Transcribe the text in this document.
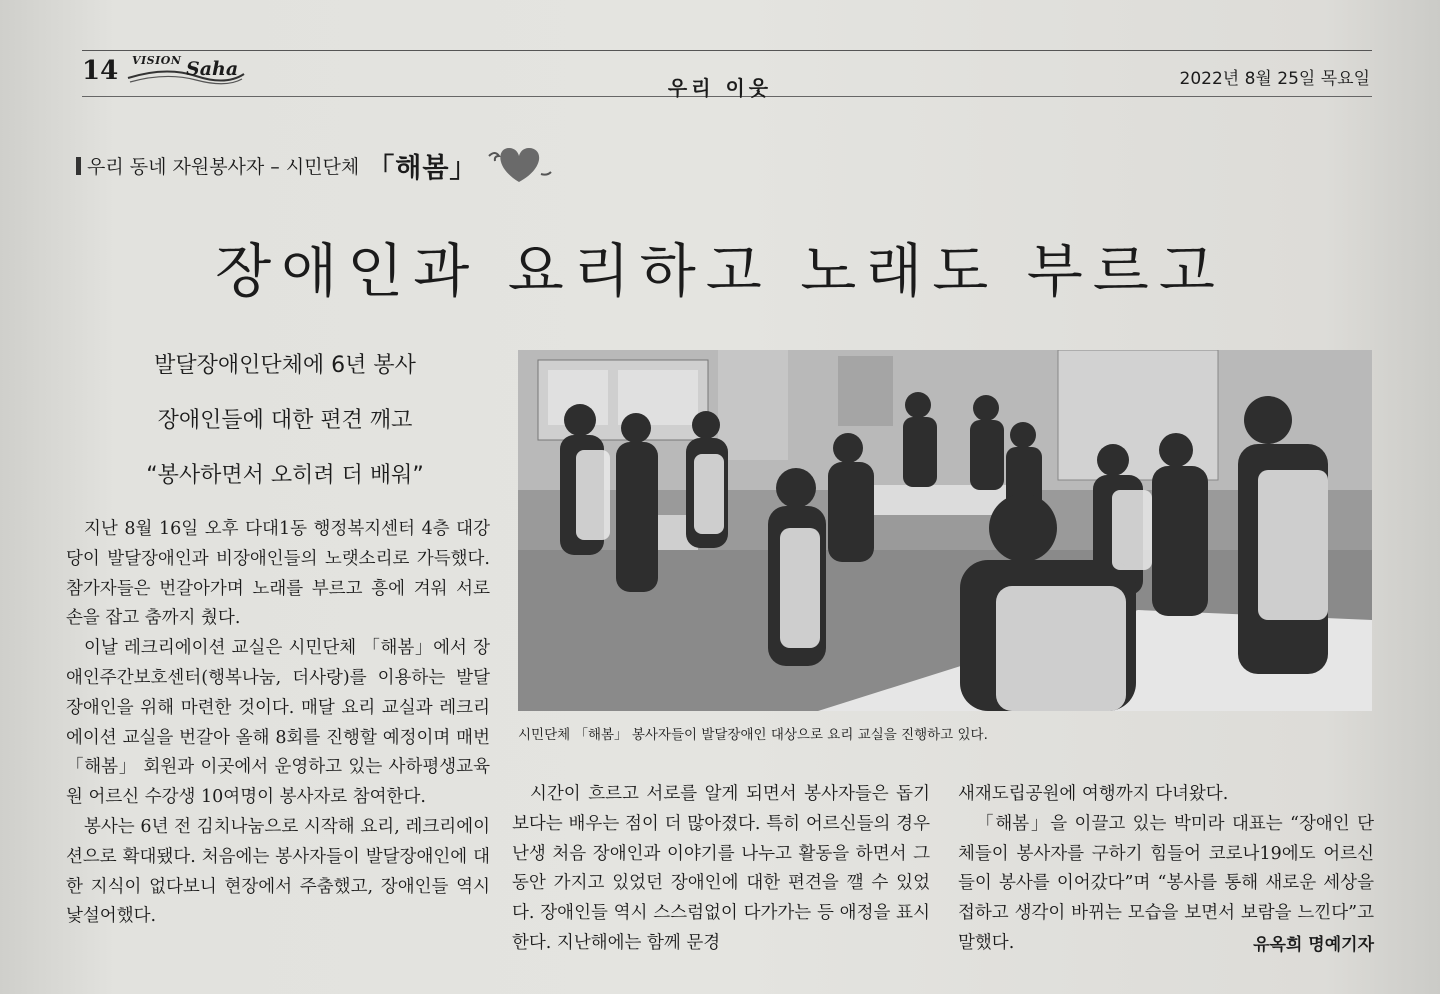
14 VISION Saha
우리 이웃	2022년 8월 25일 목요일
우리 동네 자원봉사자 – 시민단체 「해봄」
장애인과 요리하고 노래도 부르고
발달장애인단체에 6년 봉사
장애인들에 대한 편견 깨고
“봉사하면서 오히려 더 배워”

지난 8월 16일 오후 다대1동 행정복지센터 4층 대강당이 발달장애인과 비장애인들의 노랫소리로 가득했다. 참가자들은 번갈아가며 노래를 부르고 흥에 겨워 서로 손을 잡고 춤까지 췄다.

이날 레크리에이션 교실은 시민단체 「해봄」에서 장애인주간보호센터(행복나눔, 더사랑)를 이용하는 발달장애인을 위해 마련한 것이다. 매달 요리 교실과 레크리에이션 교실을 번갈아 올해 8회를 진행할 예정이며 매번 「해봄」 회원과 이곳에서 운영하고 있는 사하평생교육원 어르신 수강생 10여명이 봉사자로 참여한다.

봉사는 6년 전 김치나눔으로 시작해 요리, 레크리에이션으로 확대됐다. 처음에는 봉사자들이 발달장애인에 대한 지식이 없다보니 현장에서 주춤했고, 장애인들 역시 낯설어했다.

시민단체 「해봄」 봉사자들이 발달장애인 대상으로 요리 교실을 진행하고 있다.

시간이 흐르고 서로를 알게 되면서 봉사자들은 돕기보다는 배우는 점이 더 많아졌다. 특히 어르신들의 경우 난생 처음 장애인과 이야기를 나누고 활동을 하면서 그동안 가지고 있었던 장애인에 대한 편견을 깰 수 있었다. 장애인들 역시 스스럼없이 다가가는 등 애정을 표시한다. 지난해에는 함께 문경

새재도립공원에 여행까지 다녀왔다.

「해봄」을 이끌고 있는 박미라 대표는 “장애인 단체들이 봉사자를 구하기 힘들어 코로나19에도 어르신들이 봉사를 이어갔다”며 “봉사를 통해 새로운 세상을 접하고 생각이 바뀌는 모습을 보면서 보람을 느낀다”고 말했다.	유옥희 명예기자
